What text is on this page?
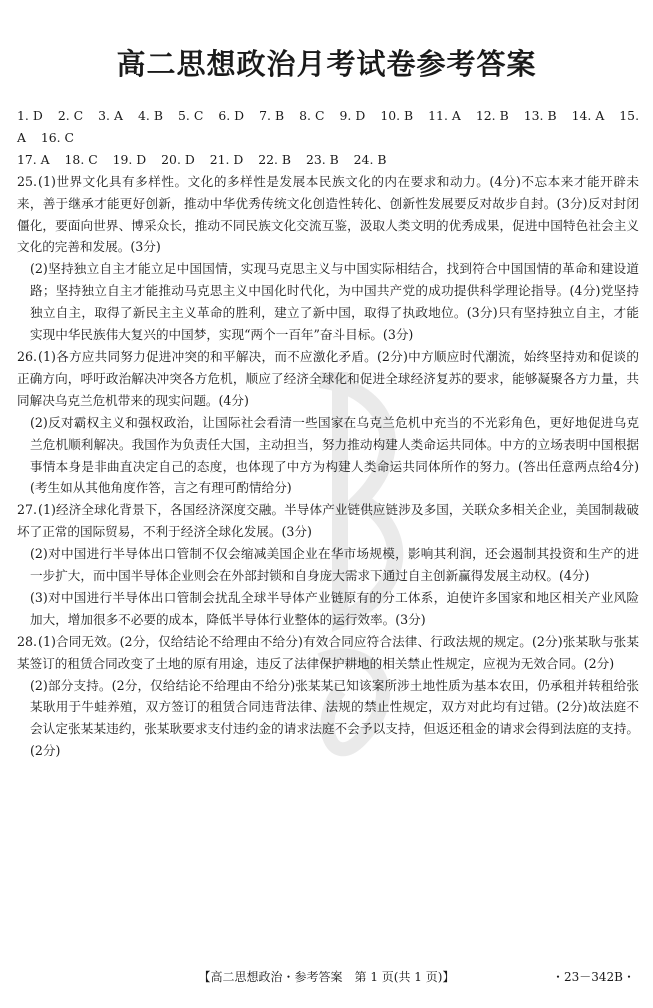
高二思想政治月考试卷参考答案
1. D 2. C 3. A 4. B 5. C 6. D 7. B 8. C 9. D 10. B 11. A 12. B 13. B 14. A 15. A 16. C
17. A 18. C 19. D 20. D 21. D 22. B 23. B 24. B

25.(1)世界文化具有多样性。文化的多样性是发展本民族文化的内在要求和动力。(4分)不忘本来才能开辟未来，善于继承才能更好创新，推动中华优秀传统文化创造性转化、创新性发展要反对故步自封。(3分)反对封闭僵化，要面向世界、博采众长，推动不同民族文化交流互鉴，汲取人类文明的优秀成果，促进中国特色社会主义文化的完善和发展。(3分)

(2)坚持独立自主才能立足中国国情，实现马克思主义与中国实际相结合，找到符合中国国情的革命和建设道路；坚持独立自主才能推动马克思主义中国化时代化，为中国共产党的成功提供科学理论指导。(4分)党坚持独立自主，取得了新民主主义革命的胜利，建立了新中国，取得了执政地位。(3分)只有坚持独立自主，才能实现中华民族伟大复兴的中国梦，实现“两个一百年”奋斗目标。(3分)

26.(1)各方应共同努力促进冲突的和平解决，而不应激化矛盾。(2分)中方顺应时代潮流，始终坚持劝和促谈的正确方向，呼吁政治解决冲突各方危机，顺应了经济全球化和促进全球经济复苏的要求，能够凝聚各方力量，共同解决乌克兰危机带来的现实问题。(4分)

(2)反对霸权主义和强权政治，让国际社会看清一些国家在乌克兰危机中充当的不光彩角色，更好地促进乌克兰危机顺利解决。我国作为负责任大国，主动担当，努力推动构建人类命运共同体。中方的立场表明中国根据事情本身是非曲直决定自己的态度，也体现了中方为构建人类命运共同体所作的努力。(答出任意两点给4分)(考生如从其他角度作答，言之有理可酌情给分)

27.(1)经济全球化背景下，各国经济深度交融。半导体产业链供应链涉及多国，关联众多相关企业，美国制裁破坏了正常的国际贸易，不利于经济全球化发展。(3分)

(2)对中国进行半导体出口管制不仅会缩减美国企业在华市场规模，影响其利润，还会遏制其投资和生产的进一步扩大，而中国半导体企业则会在外部封锁和自身庞大需求下通过自主创新赢得发展主动权。(4分)

(3)对中国进行半导体出口管制会扰乱全球半导体产业链原有的分工体系，迫使许多国家和地区相关产业风险加大，增加很多不必要的成本，降低半导体行业整体的运行效率。(3分)

28.(1)合同无效。(2分，仅给结论不给理由不给分)有效合同应符合法律、行政法规的规定。(2分)张某耿与张某某签订的租赁合同改变了土地的原有用途，违反了法律保护耕地的相关禁止性规定，应视为无效合同。(2分)

(2)部分支持。(2分，仅给结论不给理由不给分)张某某已知该案所涉土地性质为基本农田，仍承租并转租给张某耿用于牛蛙养殖，双方签订的租赁合同违背法律、法规的禁止性规定，双方对此均有过错。(2分)故法庭不会认定张某某违约，张某耿要求支付违约金的请求法庭不会予以支持，但返还租金的请求会得到法庭的支持。(2分)

【高二思想政治・参考答案　第 1 页(共 1 页)】	・23－342B・
